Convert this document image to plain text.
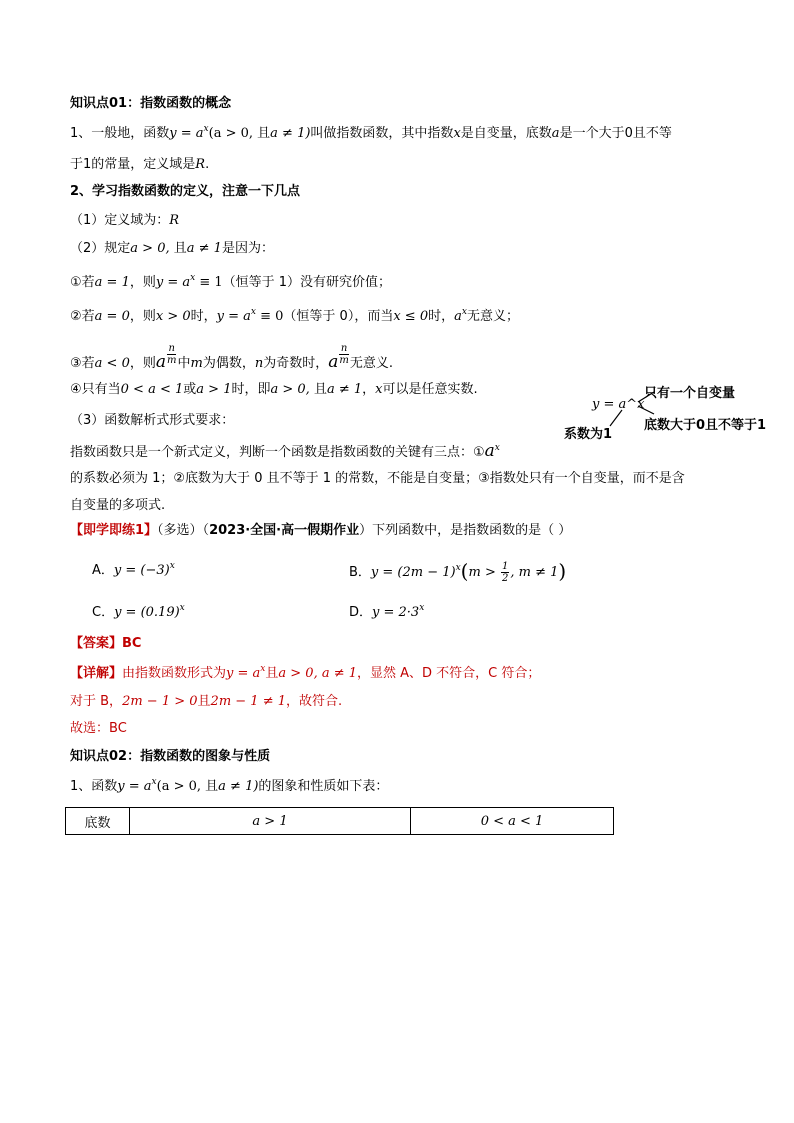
知识点01：指数函数的概念
1、一般地，函数$y = a^x(a > 0$, 且a ≠ 1)叫做指数函数，其中指数x是自变量，底数a是一个大于0且不等
于1的常量，定义域是R.
2、学习指数函数的定义，注意一下几点
（1）定义域为：R
（2）规定a > 0, 且a ≠ 1是因为：
①若a = 1，则$y = a^x \equiv 1$（恒等于 1）没有研究价值；
②若a = 0，则x > 0时，$y = a^x \equiv 0$（恒等于 0），而当x ≤ 0时，$a^x$无意义；
③若a < 0，则a $^{\frac{n}{m}}$ 中m为偶数，n为奇数时，a $^{\frac{n}{m}}$ 无意义.
④只有当0 < a < 1或a > 1时，即a > 0, 且a ≠ 1，x可以是任意实数.
（3）函数解析式形式要求：
y = a^x
只有一个自变量
底数大于0且不等于1
系数为1
指数函数只是一个新式定义，判断一个函数是指数函数的关键有三点：$①a^x$
的系数必须为 1；②底数为大于 0 且不等于 1 的常数，不能是自变量；③指数处只有一个自变量，而不是含
自变量的多项式.
【即学即练1】（多选）（2023·全国·高一假期作业）下列函数中，是指数函数的是（ ）
A．$y = (-3)^x$	B．$y = (2m - 1)^x(m > \frac{1}{2}$ , m ≠ 1)
C．$y = (0.19)^x$	D．$y = 2\cdot 3^x$
【答案】BC
【详解】由指数函数形式为$y = a^x$且a > 0, a ≠ 1，显然 A、D 不符合，C 符合；
对于 B，2m − 1 > 0且2m − 1 ≠ 1，故符合.
故选：BC
知识点02：指数函数的图象与性质
1、函数$y = a^x(a > 0$, 且a ≠ 1)的图象和性质如下表：
底数	a > 1	0 < a < 1
